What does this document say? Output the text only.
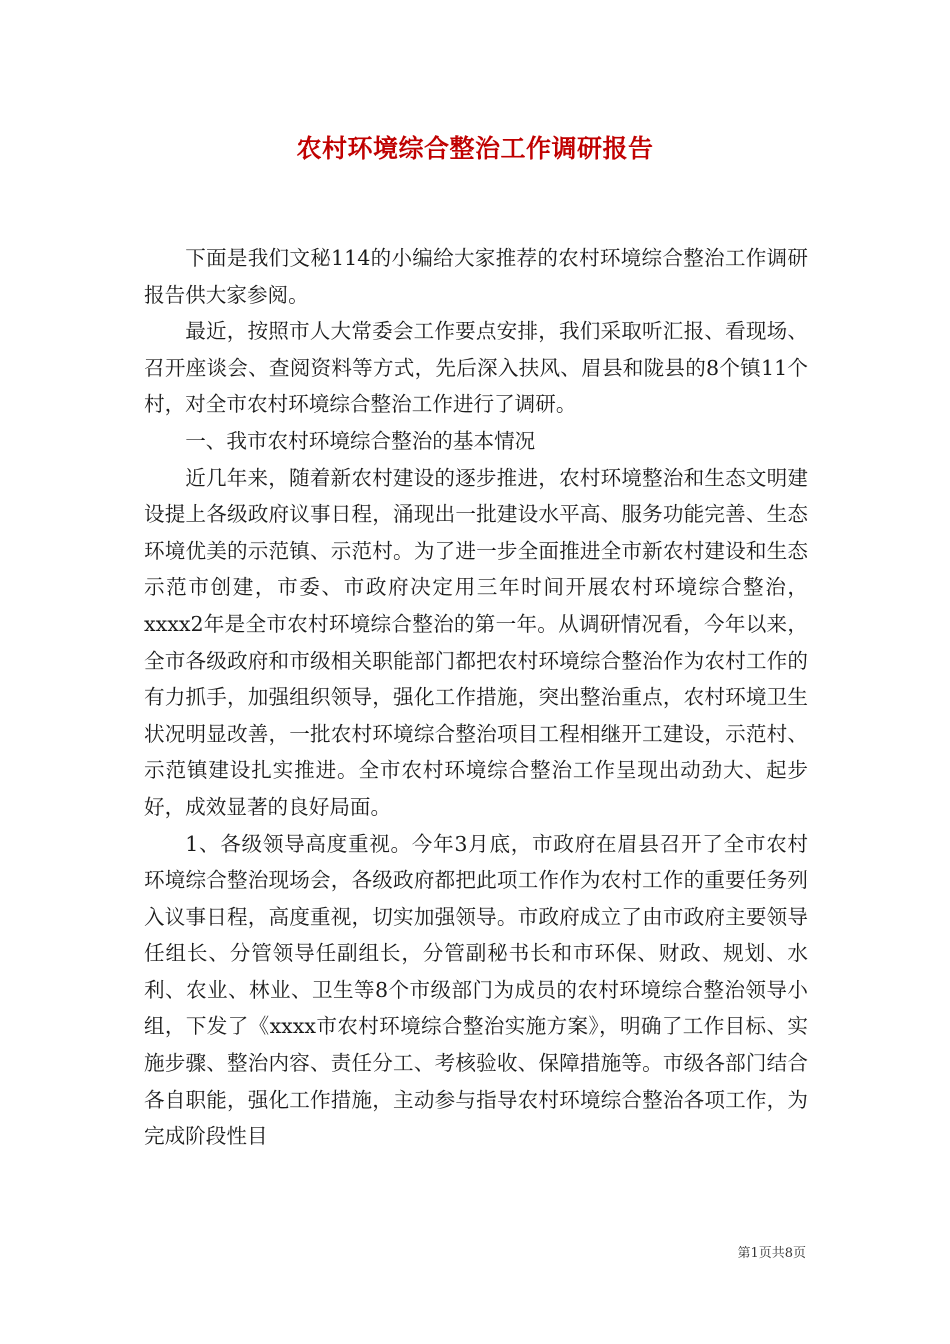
农村环境综合整治工作调研报告

下面是我们文秘114的小编给大家推荐的农村环境综合整治工作调研报告供大家参阅。

最近，按照市人大常委会工作要点安排，我们采取听汇报、看现场、召开座谈会、查阅资料等方式，先后深入扶风、眉县和陇县的8个镇11个村，对全市农村环境综合整治工作进行了调研。

一、我市农村环境综合整治的基本情况

近几年来，随着新农村建设的逐步推进，农村环境整治和生态文明建设提上各级政府议事日程，涌现出一批建设水平高、服务功能完善、生态环境优美的示范镇、示范村。为了进一步全面推进全市新农村建设和生态示范市创建，市委、市政府决定用三年时间开展农村环境综合整治，xxxx2年是全市农村环境综合整治的第一年。从调研情况看，今年以来，全市各级政府和市级相关职能部门都把农村环境综合整治作为农村工作的有力抓手，加强组织领导，强化工作措施，突出整治重点，农村环境卫生状况明显改善，一批农村环境综合整治项目工程相继开工建设，示范村、示范镇建设扎实推进。全市农村环境综合整治工作呈现出动劲大、起步好，成效显著的良好局面。

1、各级领导高度重视。今年3月底，市政府在眉县召开了全市农村环境综合整治现场会，各级政府都把此项工作作为农村工作的重要任务列入议事日程，高度重视，切实加强领导。市政府成立了由市政府主要领导任组长、分管领导任副组长，分管副秘书长和市环保、财政、规划、水利、农业、林业、卫生等8个市级部门为成员的农村环境综合整治领导小组，下发了《xxxx市农村环境综合整治实施方案》，明确了工作目标、实施步骤、整治内容、责任分工、考核验收、保障措施等。市级各部门结合各自职能，强化工作措施，主动参与指导农村环境综合整治各项工作，为完成阶段性目

第1页共8页
